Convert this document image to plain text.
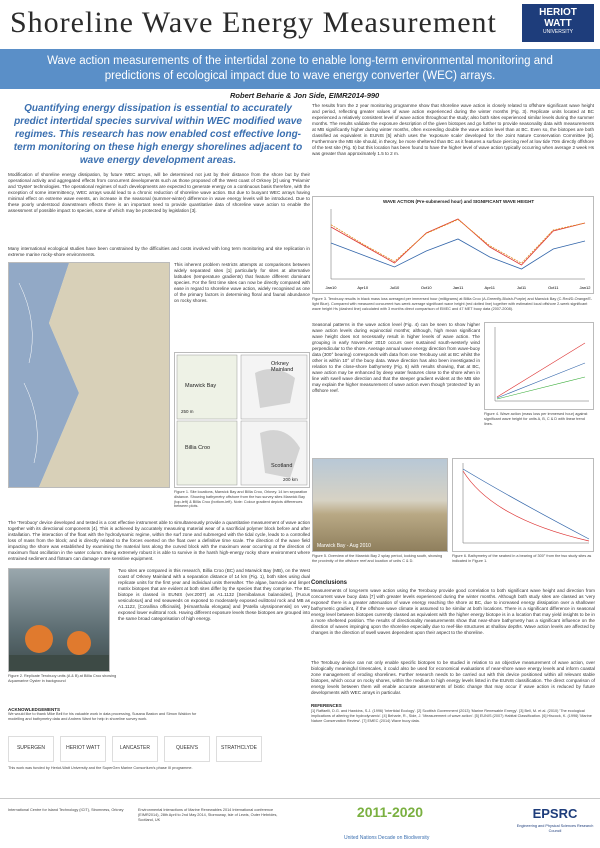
Shoreline Wave Energy Measurement	HERIOT
WATT
UNIVERSITY
Wave action measurements of the intertidal zone to enable long-term environmental monitoring and
predictions of ecological impact due to wave energy converter (WEC) arrays.
Robert Beharie & Jon Side, EIMR2014-990
Quantifying energy dissipation is essential to accurately predict intertidal species survival within WEC modified wave regimes. This research has now enabled cost effective long-term monitoring on these high energy shorelines adjacent to wave energy development areas.
Modification of shoreline energy dissipation, by future WEC arrays, will be determined not just by their distance from the shore but by their operational activity and aggregated effects from concurrent developments such as those proposed off the West coast of Orkney [2] using 'Pelamis' and 'Oyster' technologies. The operational regimes of such developments are expected to generate energy on a continuous basis therefore, with the exception of some intermittency, WEC arrays would lead to a chronic reduction of shoreline wave action. But due to buoyant WEC arrays having minimal effect on extreme wave events, an increase in the seasonal (summer-winter) difference in wave energy levels will be introduced. Due to these poorly understood downstream effects there is an important need to provide quantitative data of shoreline wave action to enable the assessment of possible impact to species, some of which may be protected by legislation [3].
Many international ecological studies have been constrained by the difficulties and costs involved with long term monitoring and site replication in extreme marine rocky-shore environments.
This inherent problem restricts attempts at comparisons between widely separated sites [1] particularly for sites at alternative latitudes (temperature gradients) that feature different dominant species. For the first time sites can now be directly compared with ease in regard to shoreline wave action, widely recognised as one of the primary factors in determining floral and faunal abundance on rocky shores.
Orkney Mainland
Marwick Bay
Billia Croo
Scotland
250 m
200 km
Figure 1. Site locations, Marwick Bay and Billia Croo, Orkney. 14 km separation distance. Showing bathymetry offshore from the two survey sites Marwick Bay (top-left) & Billia Croo (bottom-left). Note: Colour gradient depicts differences between plots.
The 'Terobuoy' device developed and tested is a cost effective instrument able to simultaneously provide a quantitative measurement of wave action together with its directional components [4]. This is achieved by accurately measuring material wear of a sacrificial polymer block before and after installation. The interaction of the float with the hydrodynamic regime, within the surf zone and submerged with the tidal cycle, leads to a controlled loss of mass from the block; and is directly related to the forces exerted on the float over a definitive time scale. The direction of the wave field impacting the shore was established by examining the material loss along the curved block with the maximum wear occurring at the direction of maximum float oscillation in the water column. Being extremely robust it is able to survive in the harsh high-energy rocky shore environment where entrained sediment and flotsam can damage more sensitive equipment.
Two sites are compared in this research, Billia Croo (BC) and Marwick Bay (MB), on the West coast of Orkney Mainland with a separation distance of 14 km (Fig. 1), both sites using dual replicate units for the first year and individual units thereafter. The algae, barnacle and limpet matrix biotopes that are evident at both sites differ by the species that they comprise. The BC biotope is classed in EUNIS (ver.2007) as A1.1132 [Semibalanus balanoides], [Fucus vesiculosus] and red seaweeds on exposed to moderately exposed eulittoral rock and MB as A1.1122, [Corallina officinalis], [Himanthalia elongata] and [Patella ulyssiponensis] on very exposed lower eulittoral rock. Having different exposure levels these biotopes are grouped into the same broad categorisation of high energy.
Figure 2. Replicate Terobuoy units (A & B) at Billia Croo showing Aquamarine Oyster in background
The results from the 2 year monitoring programme show that shoreline wave action is closely related to offshore significant wave height and period, reflecting greater values of wave action experienced during the winter months (Fig. 3). Replicate units located at BC experienced a relatively consistent level of wave action throughout the study; also both sites experienced similar levels during the summer months. The results validate the exposure description of the given biotopes and go further to provide seasonality data with measurements at MB significantly higher during winter months, often exceeding double the wave action level than at BC. Even so, the biotopes are both classified as equivalent in EUNIS [5] which uses the 'exposure scale' developed for the Joint Nature Conservation Committee [6]. Furthermore the MB site should, in theory, be more sheltered than BC as it features a surface piercing reef at low tide 70m directly offshore of the test site (Fig. 5) but this location has been found to have the higher level of wave action typically occurring when average 2 week Hs was greater than approximately 1.5 to 2 m.
WAVE ACTION (Pre-submersed hour) and SIGNIFICANT WAVE HEIGHT
Jan10	Apr10	Jul10	Oct10	Jan11	Apr11	Jul11	Oct11	Jan12
Figure 3. Terobuoy results in black mass loss averaged per immersed hour (milligrams) at Billia Croo (A-Greenfly-Bluish-Purple) and Marwick Bay (C-Red/D-Orange/E-light Blue). Compared with measured concurrent two-week average significant wave height (red dotted line) together with estimated local offshore 2-week significant wave height Hs (dashed line) calculated with 3 months direct comparison of EMEC and 47 MET buoy data (2007-2008).
Seasonal patterns in the wave action level (Fig. 4) can be seen to show higher wave action levels during equinoctial months; although, high mean significant wave height does not necessarily result in higher levels of wave action. The grouping in early November 2010 occurs over sustained south-westerly wind perpendicular to the shore. Average annual wave energy direction from wave-buoy data (300° bearing) corresponds with data from one Terobuoy unit at BC whilst the other is within 10° of the buoy data. Wave direction has also been investigated in relation to the close-shore bathymetry (Fig. 6) with results showing, that at BC, wave action may be enhanced by deep water features close to the shore when in line with swell wave direction and that the steeper gradient evident at the MB site may explain the higher measurement of wave action even though 'protected' by an offshore reef.
Figure 4. Wave action (mass loss per immersed hour) against significant wave height for units A, B, C & D with linear trend lines.
Marwick Bay - Aug 2010
Figure 5. Overview of the Marwick Bay 2 splay period, looking south, showing the proximity of the offshore reef and location of units C & D.
Figure 6. Bathymetry of the seabed in a bearing of 300° from the two study sites as indicated in Figure 1.
Conclusions
Measurements of long-term wave action using the Terobuoy provide good correlation to both significant wave height and direction from concurrent wave buoy data [7] with greater levels experienced during the winter months. Although both study sites are classed as 'very exposed' there is a greater attenuation of wave energy reaching the shore at BC, due to increased energy dissipation over a shallower bathymetric gradient, if the offshore wave climate is assumed to be similar at both locations. There is a significant difference in seasonal energy level between biotopes currently classed as equivalent with the higher energy biotope is in a location that may yield insights to be in a more sheltered position. The results of directionality measurements show that near-shore bathymetry has a significant influence on the direction of waves impinging upon the shoreline especially due to reef-like structures at shallow depths. Wave action levels are affected by changes in the direction of swell waves dependent upon their aspect to the shoreline.
The Terobuoy device can not only enable specific biotopes to be studied in relation to an objective measurement of wave action, over biologically meaningful timescales, it could also be used for economical evaluations of near-shore wave energy levels and inform coastal zone management of eroding shorelines. Further research needs to be carried out with this device positioned within all relevant stable biotopes, which occur on rocky shores, within the medium to high energy levels listed in the EUNIS classification. The direct comparison of energy levels between them will enable accurate assessments of biotic change that may occur if wave action is reduced by future developments with WEC arrays in particular.
ACKNOWLEDGEMENTS
We would like to thank Mike Bell for his valuable work in data processing, Susana Baston and Simon Waldon for modelling and bathymetry data and Andrew Want for help in shoreline survey work.
SUPERGEN	HERIOT WATT	LANCASTER	QUEEN'S	STRATHCLYDE
This work was funded by Heriot-Watt University and the SuperGen Marine Consortium's phase III programme.
REFERENCES
[1] Raffaelli, D.G. and Hawkins, S.J. (1996) 'Intertidal Ecology'. [2] Scottish Government (2013) 'Marine Renewable Energy'. [3] Bell, M. et al. (2010) 'The ecological implications of altering the hydrodynamic'. [4] Beharie, R., Side, J. 'Measurement of wave action'. [5] EUNIS (2007) Habitat Classification. [6] Hiscock, K. (1996) 'Marine Nature Conservation Review'. [7] EMEC (2014) Wave buoy data.
International Centre for Island Technology (ICIT), Stromness, Orkney	Environmental Interactions of Marine Renewables 2014 International conference (EIMR2014), 28th April to 2nd May 2014, Stornoway, Isle of Lewis, Outer Hebrides, Scotland, UK	2011-2020
United Nations Decade on Biodiversity
EPSRC
Engineering and Physical Sciences Research Council
